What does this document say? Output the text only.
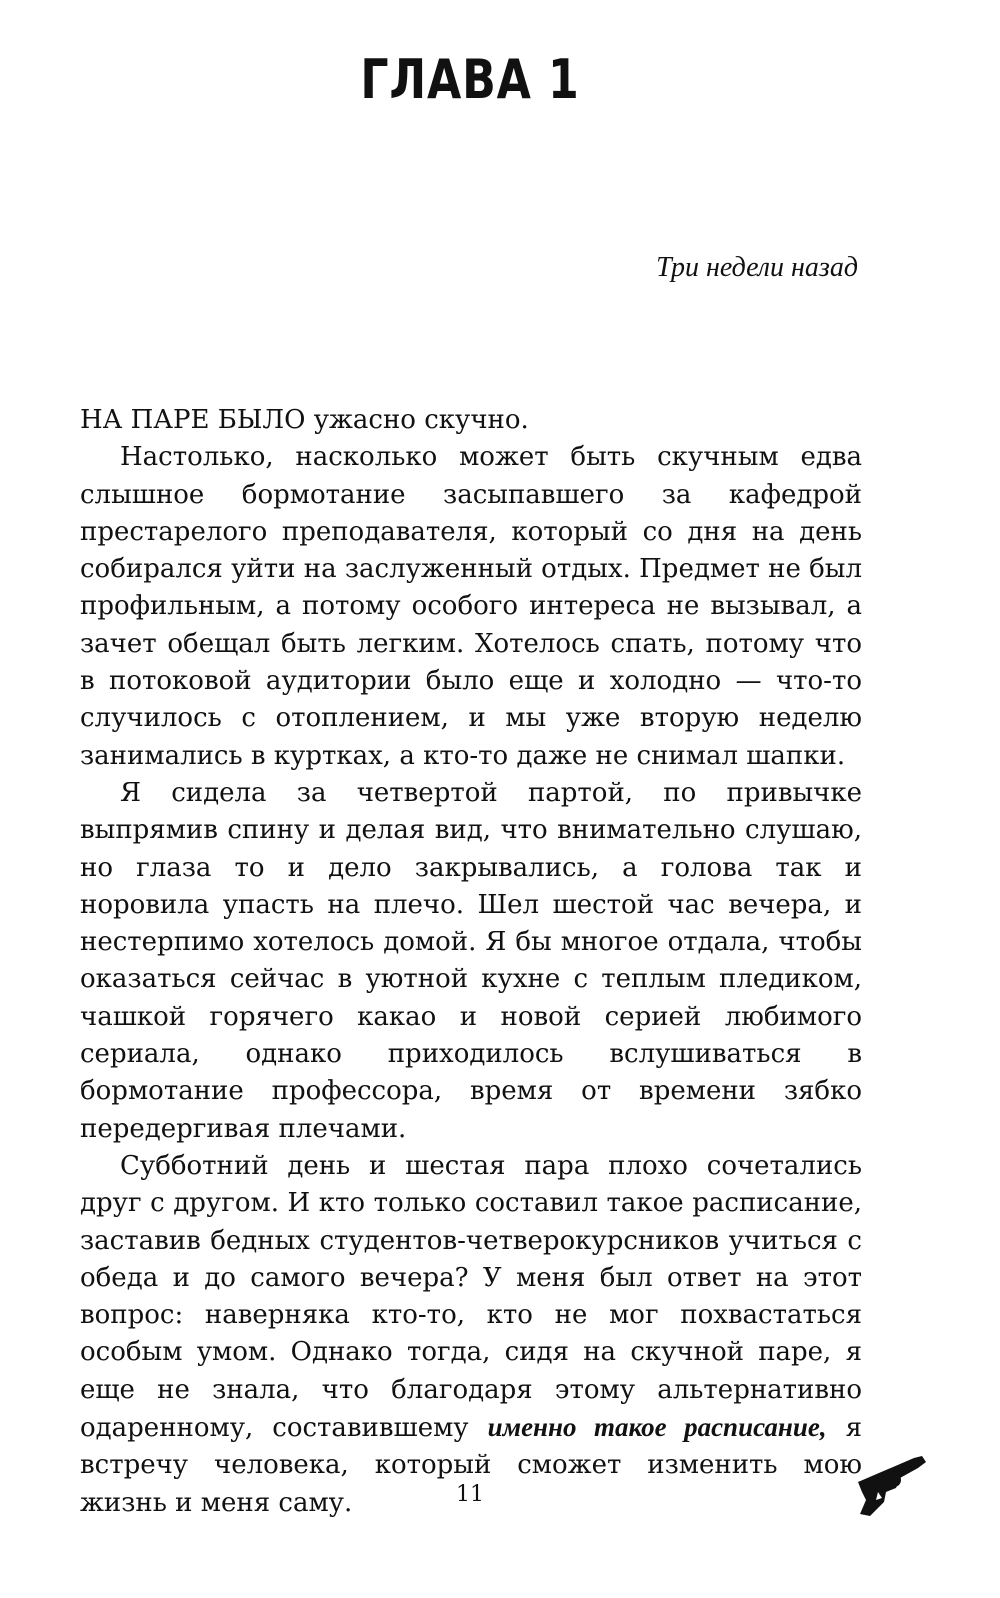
ГЛАВА 1
Три недели назад

НА ПАРЕ БЫЛО ужасно скучно.

Настолько, насколько может быть скучным едва слышное бормотание засыпавшего за кафедрой престарелого преподавателя, который со дня на день собирался уйти на заслуженный отдых. Предмет не был профильным, а потому особого интереса не вызывал, а зачет обещал быть легким. Хотелось спать, потому что в потоковой аудитории было еще и холодно — что-то случилось с отоплением, и мы уже вторую неделю занимались в куртках, а кто-то даже не снимал шапки.

Я сидела за четвертой партой, по привычке выпрямив спину и делая вид, что внимательно слушаю, но глаза то и дело закрывались, а голова так и норовила упасть на плечо. Шел шестой час вечера, и нестерпимо хотелось домой. Я бы многое отдала, чтобы оказаться сейчас в уютной кухне с теплым пледиком, чашкой горячего какао и новой серией любимого сериала, однако приходилось вслушиваться в бормотание профессора, время от времени зябко передергивая плечами.

Субботний день и шестая пара плохо сочетались друг с другом. И кто только составил такое расписание, заставив бедных студентов-четверокурсников учиться с обеда и до самого вечера? У меня был ответ на этот вопрос: наверняка кто-то, кто не мог похвастаться особым умом. Однако тогда, сидя на скучной паре, я еще не знала, что благодаря этому альтернативно одаренному, составившему именно такое расписание, я встречу человека, который сможет изменить мою жизнь и меня саму.	11
